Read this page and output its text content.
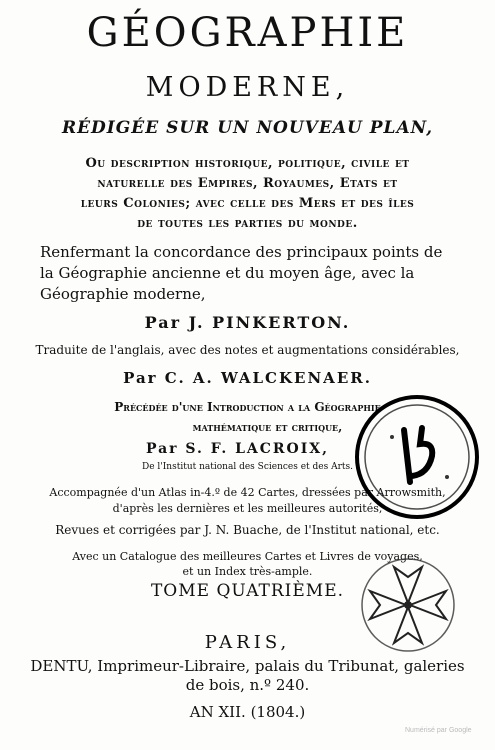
GÉOGRAPHIE
MODERNE,
RÉDIGÉE SUR UN NOUVEAU PLAN,
Ou description historique, politique, civile et
naturelle des Empires, Royaumes, Etats et
leurs Colonies; avec celle des Mers et des îles
de toutes les parties du monde.
Renfermant la concordance des principaux points de
la Géographie ancienne et du moyen âge, avec la
Géographie moderne,
Par J. PINKERTON.
Traduite de l'anglais, avec des notes et augmentations considérables,
Par C. A. WALCKENAER.
Précédée d'une Introduction a la Géographie
mathématique et critique,
Par S. F. LACROIX,
De l'Institut national des Sciences et des Arts.
Accompagnée d'un Atlas in-4.º de 42 Cartes, dressées par Arrowsmith,
d'après les dernières et les meilleures autorités,
Revues et corrigées par J. N. Buache, de l'Institut national, etc.
Avec un Catalogue des meilleures Cartes et Livres de voyages,
et un Index très-ample.
TOME QUATRIÈME.
PARIS,
DENTU, Imprimeur-Libraire, palais du Tribunat, galeries
de bois, n.º 240.
AN XII. (1804.)
Numérisé par Google
